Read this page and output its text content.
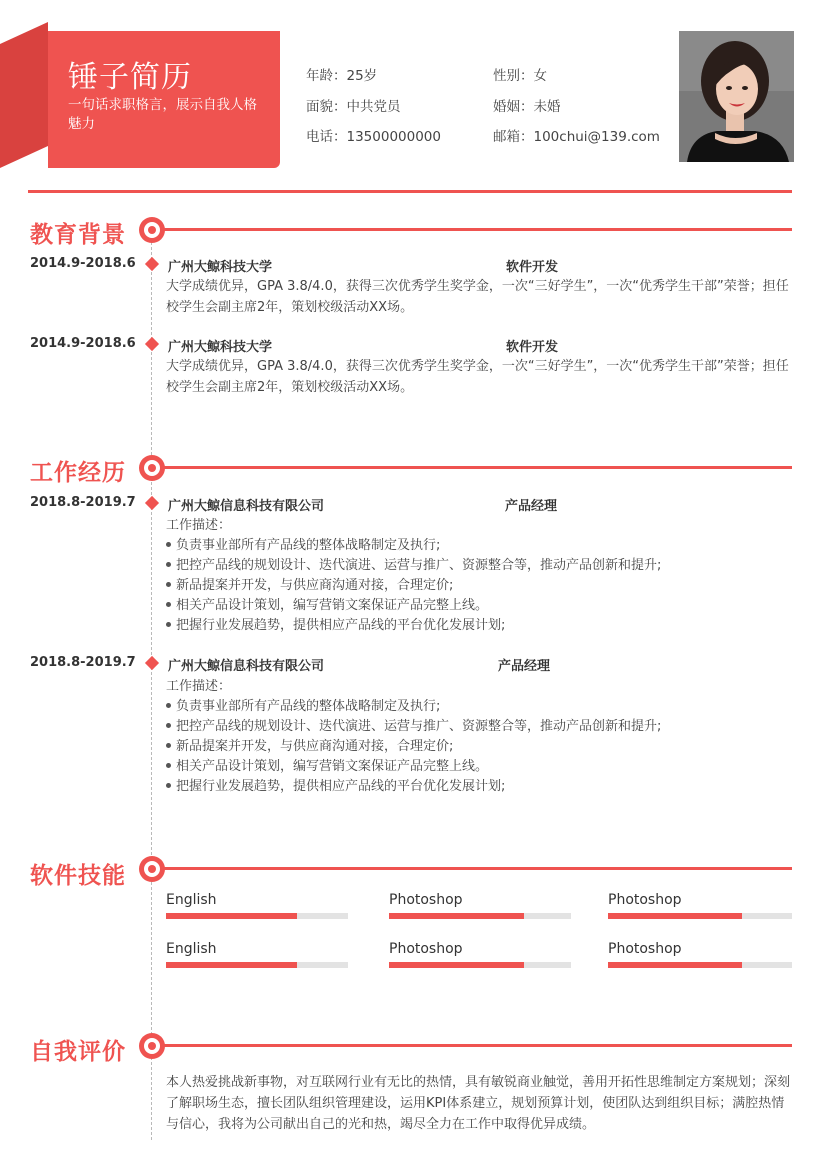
锤子简历
一句话求职格言，展示自我人格魅力
年龄：25岁	性别：女
面貌：中共党员	婚姻：未婚
电话：13500000000	邮箱：100chui@139.com
教育背景
2014.9-2018.6 广州大鲸科技大学	软件开发
大学成绩优异，GPA 3.8/4.0，获得三次优秀学生奖学金，一次“三好学生”，一次“优秀学生干部”荣誉；担任校学生会副主席2年，策划校级活动XX场。
2014.9-2018.6 广州大鲸科技大学	软件开发
大学成绩优异，GPA 3.8/4.0，获得三次优秀学生奖学金，一次“三好学生”，一次“优秀学生干部”荣誉；担任校学生会副主席2年，策划校级活动XX场。
工作经历
2018.8-2019.7 广州大鲸信息科技有限公司	产品经理
工作描述：
负责事业部所有产品线的整体战略制定及执行;
把控产品线的规划设计、迭代演进、运营与推广、资源整合等，推动产品创新和提升;
新品提案并开发，与供应商沟通对接，合理定价;
相关产品设计策划，编写营销文案保证产品完整上线。
把握行业发展趋势，提供相应产品线的平台优化发展计划;
2018.8-2019.7 广州大鲸信息科技有限公司	产品经理
工作描述：
负责事业部所有产品线的整体战略制定及执行;
把控产品线的规划设计、迭代演进、运营与推广、资源整合等，推动产品创新和提升;
新品提案并开发，与供应商沟通对接，合理定价;
相关产品设计策划，编写营销文案保证产品完整上线。
把握行业发展趋势，提供相应产品线的平台优化发展计划;
软件技能
English	Photoshop	Photoshop
English	Photoshop	Photoshop
自我评价
本人热爱挑战新事物，对互联网行业有无比的热情，具有敏锐商业触觉，善用开拓性思维制定方案规划；深刻了解职场生态，擅长团队组织管理建设，运用KPI体系建立，规划预算计划，使团队达到组织目标；满腔热情与信心，我将为公司献出自己的光和热，竭尽全力在工作中取得优异成绩。
